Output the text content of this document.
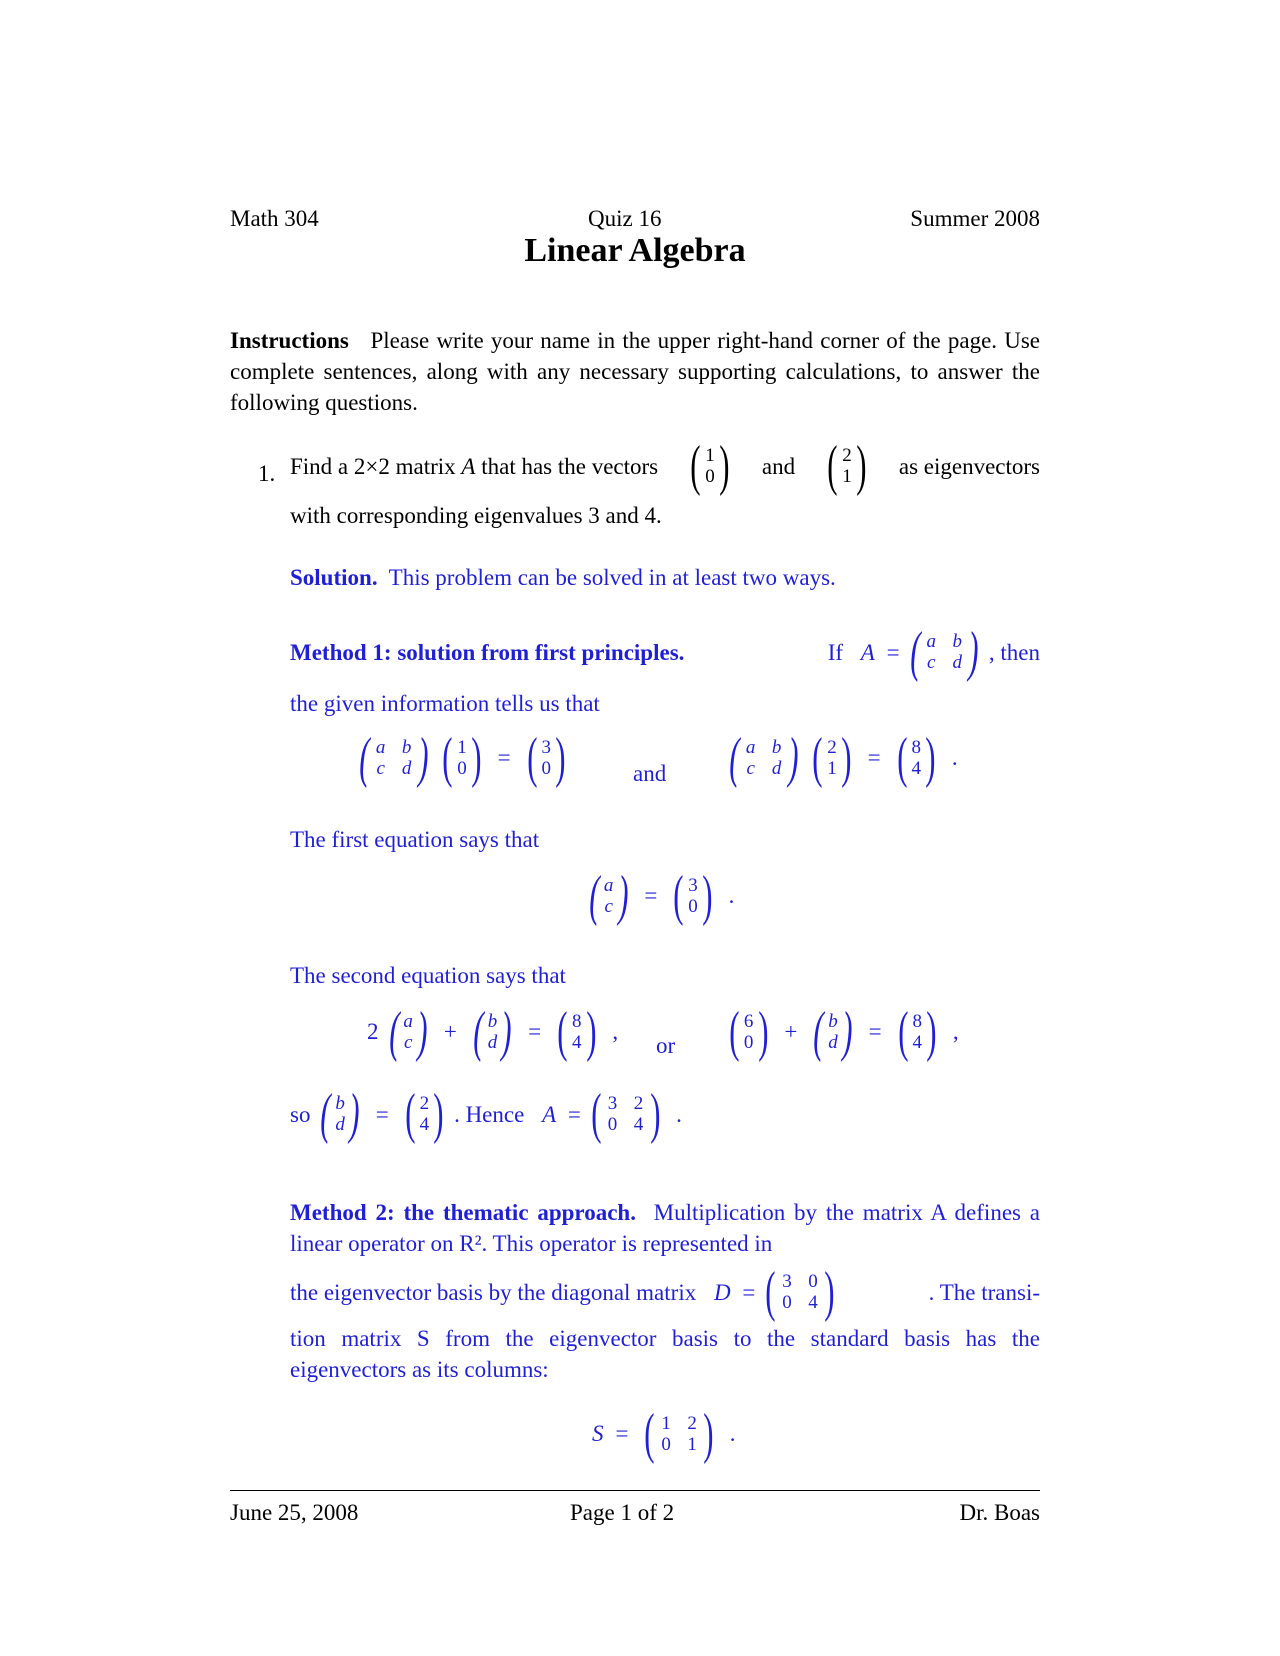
Math 304	Quiz 16	Summer 2008
Linear Algebra
Instructions Please write your name in the upper right-hand corner of the page. Use complete sentences, along with any necessary supporting calculations, to answer the following questions.
1. Find a 2×2 matrix A that has the vectors ( 1
0 ) and ( 2
1 ) as eigenvectors
with corresponding eigenvalues 3 and 4.
Solution. This problem can be solved in at least two ways.
Method 1: solution from first principles.	If
A = ( a b
c d ) , then
the given information tells us that
( a b
c d ) ( 1
0 ) = ( 3
0 )	and ( a b
c d ) ( 2
1 ) = ( 8
4 ) .
The first equation says that
( a
c ) = ( 3
0 ) .
The second equation says that
2 ( a
c ) + ( b
d ) = ( 8
4 ) ,
or ( 6
0 ) + ( b
d ) = ( 8
4 ) ,
so ( b
d ) = ( 2
4 ) . Hence
A = ( 3 2
0 4 ) .
Method 2: the thematic approach. Multiplication by the matrix A defines a linear operator on R². This operator is represented in
the eigenvector basis by the diagonal matrix
D = ( 3 0
0 4 )	. The transi-
tion matrix S from the eigenvector basis to the standard basis has the eigenvectors as its columns:
S = ( 1 2
0 1 ) .
June 25, 2008	Page 1 of 2	Dr. Boas
